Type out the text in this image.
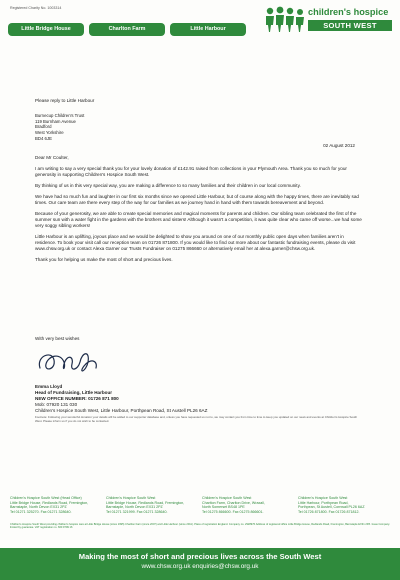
Registered Charity No. 1003314
Little Bridge House	Charlton Farm	Little Harbour
children's hospice
SOUTH WEST
Please reply to Little Harbour
Burnecup Children's Trust
119 Burnham Avenue
Bradford
West Yorkshire
BD4 6JE
02 August 2012
Dear Mr Coulter,

I am writing to say a very special thank you for your lovely donation of £142.91 raised from collections in your Plymouth Area. Thank you so much for your generosity in supporting Children's Hospice South West.

By thinking of us in this very special way, you are making a difference to so many families and their children in our local community.

We have had so much fun and laughter in our first six months since we opened Little Harbour, but of course along with the happy times, there are inevitably sad times. Our care team are there every step of the way for our families as we journey hand in hand with them towards bereavement and beyond.

Because of your generosity, we are able to create special memories and magical moments for parents and children. Our sibling team celebrated the first of the summer sun with a water fight in the gardens with the brothers and sisters! Although it wasn't a competition, it was quite clear who came off worse...we had some very soggy sibling workers!

Little Harbour is an uplifting, joyous place and we would be delighted to show you around on one of our monthly public open days when families aren't in residence. To book your visit call our reception team on 01726 871800. If you would like to find out more about our fantastic fundraising events, please do visit www.chsw.org.uk or contact Alexa Garner our Trusts Fundraiser on 01275 866660 or alternatively email her at alexa.garner@chsw.org.uk.

Thank you for helping us make the most of short and precious lives.

With very best wishes
Emma Lloyd
Head of Fundraising, Little Harbour
NEW OFFICE NUMBER: 01726 871 800
Mob: 07920 131 030
Children's Hospice South West, Little Harbour, Porthpean Road, St Austell PL26 6AZ
Footnote: Following your wonderful donation your details will be added to our supporter database and, unless you have requested us not to, we may contact you from time to time to keep you updated on our news and events at Children's Hospice South West. Please inform us if you do not wish to be contacted.
Children's Hospice South West (Head Office)
Little Bridge House, Redlands Road, Fremington,
Barnstaple, North Devon EX31 2PZ
Tel 01271 325270. Fax 01271 328640.
Children's Hospice South West
Little Bridge House, Redlands Road, Fremington,
Barnstaple, North Devon EX31 2PZ
Tel 01271 321999. Fax 01271 328640.
Children's Hospice South West
Charlton Farm, Charlton Drive, Wraxall,
North Somerset BS48 1PE
Tel 01275 866600. Fax 01275 866601.
Children's Hospice South West
Little Harbour, Porthpean Road,
Porthpean, St Austell, Cornwall PL26 6AZ
Tel 01726 871800. Fax 01726 871812.
Children's Hospice South West providing children's hospice care at Little Bridge House (since 1995) Charlton Farm (since 2007) and Little Harbour (since 2011). Place of registration England. Company no. 2928976 Address of registered office Little Bridge House, Redlands Road, Fremington, Barnstaple EX31 2PZ. Issue Company limited by guarantee. VAT registration no. 660 9799 16
Making the most of short and precious lives across the South West
www.chsw.org.uk enquiries@chsw.org.uk
